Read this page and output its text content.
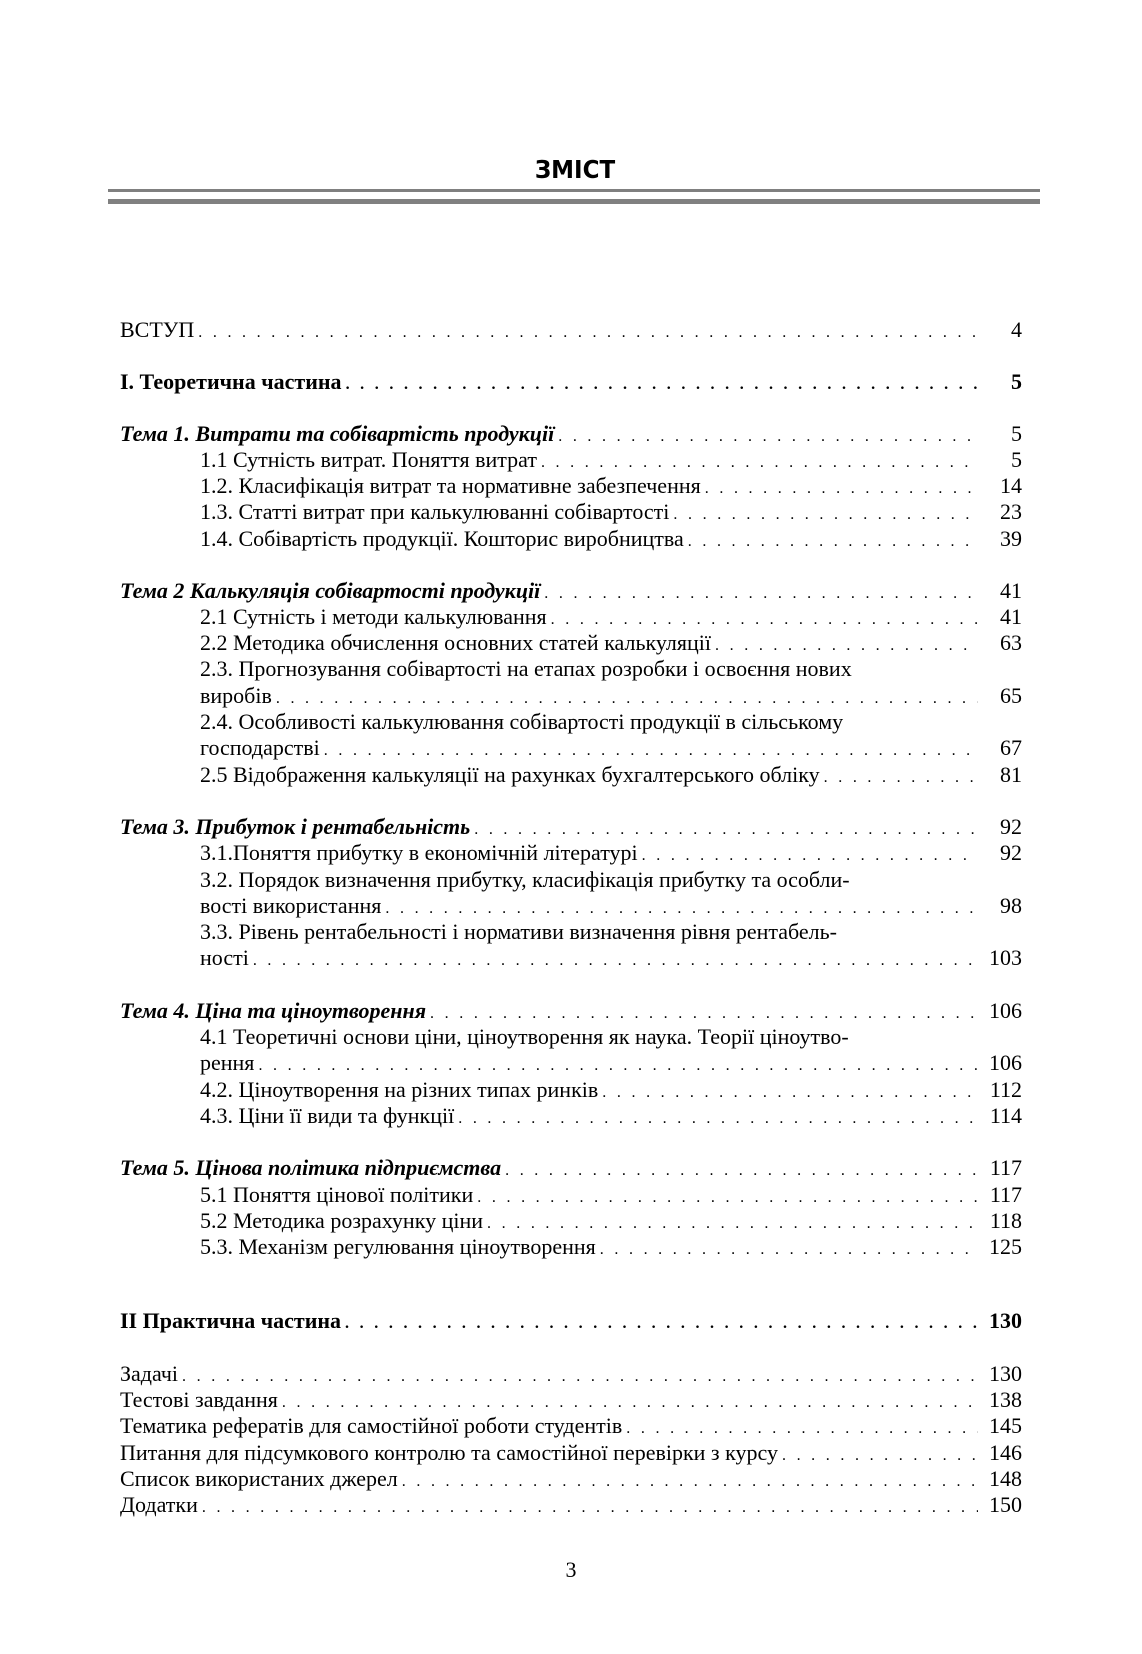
ЗМІСТ
ВСТУП . . .	4
I. Теоретична частина . . .	5
Тема 1. Витрати та собівартість продукції . . .	5
1.1 Сутність витрат. Поняття витрат . . .	5
1.2. Класифікація витрат та нормативне забезпечення . . .	14
1.3. Статті витрат при калькулюванні собівартості . . .	23
1.4. Собівартість продукції. Кошторис виробництва . . .	39
Тема 2 Калькуляція собівартості продукції . . .	41
2.1 Сутність і методи калькулювання . . .	41
2.2 Методика обчислення основних статей калькуляції . . .	63
2.3. Прогнозування собівартості на етапах розробки і освоєння нових
виробів . . .	65
2.4. Особливості калькулювання собівартості продукції в сільському
господарстві . . .	67
2.5 Відображення калькуляції на рахунках бухгалтерського обліку . . .	81
Тема 3. Прибуток і рентабельність . . .	92
3.1.Поняття прибутку в економічній літературі . . .	92
3.2. Порядок визначення прибутку, класифікація прибутку та особли-
вості використання . . .	98
3.3. Рівень рентабельності і нормативи визначення рівня рентабель-
ності . . .	103
Тема 4. Ціна та ціноутворення . . .	106
4.1 Теоретичні основи ціни, ціноутворення як наука. Теорії ціноутво-
рення . . .	106
4.2. Ціноутворення на різних типах ринків . . .	112
4.3. Ціни її види та функції . . .	114
Тема 5. Цінова політика підприємства . . .	117
5.1 Поняття цінової політики . . .	117
5.2 Методика розрахунку ціни . . .	118
5.3. Механізм регулювання ціноутворення . . .	125
II Практична частина . . .	130
Задачі . . .	130
Тестові завдання . . .	138
Тематика рефератів для самостійної роботи студентів . . .	145
Питання для підсумкового контролю та самостійної перевірки з курсу . . .	146
Список використаних джерел . . .	148
Додатки . . .	150
3
